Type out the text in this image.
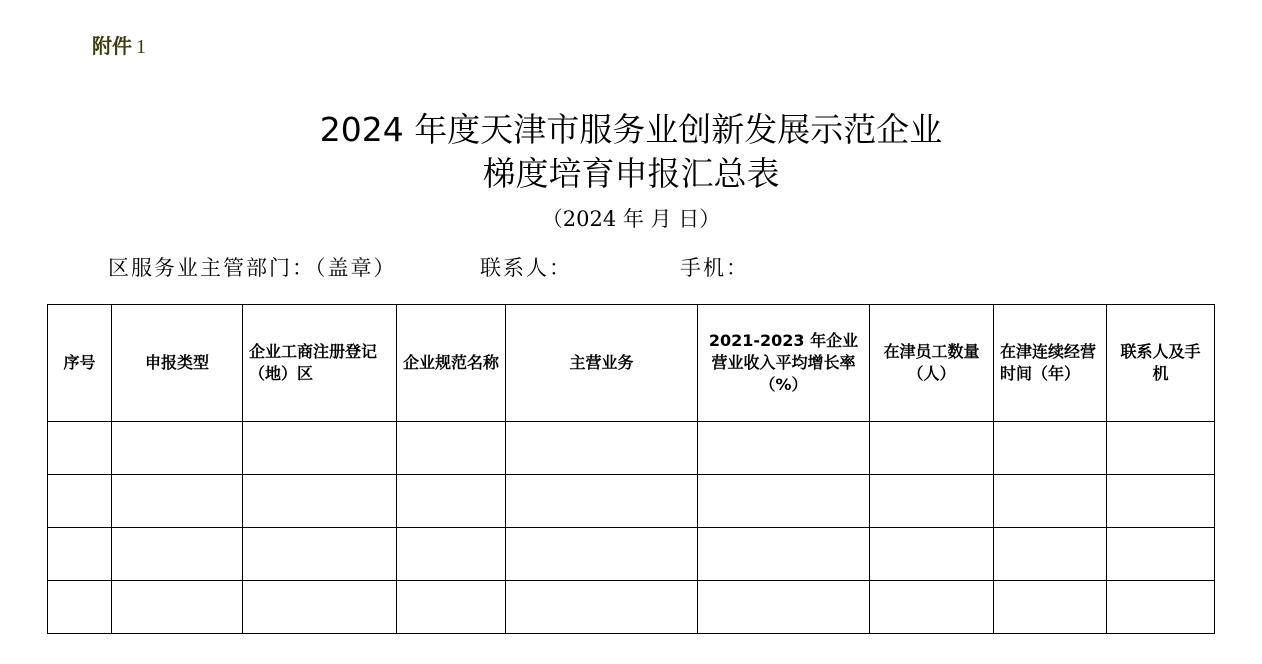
附件 1
2024 年度天津市服务业创新发展示范企业
梯度培育申报汇总表
（2024 年 月 日）
区服务业主管部门：（盖章）	联系人：	手机：
序号	申报类型	企业工商注册登记（地）区	企业规范名称	主营业务	2021-2023 年企业营业收入平均增长率（%）	在津员工数量（人）	在津连续经营时间（年）	联系人及手机
